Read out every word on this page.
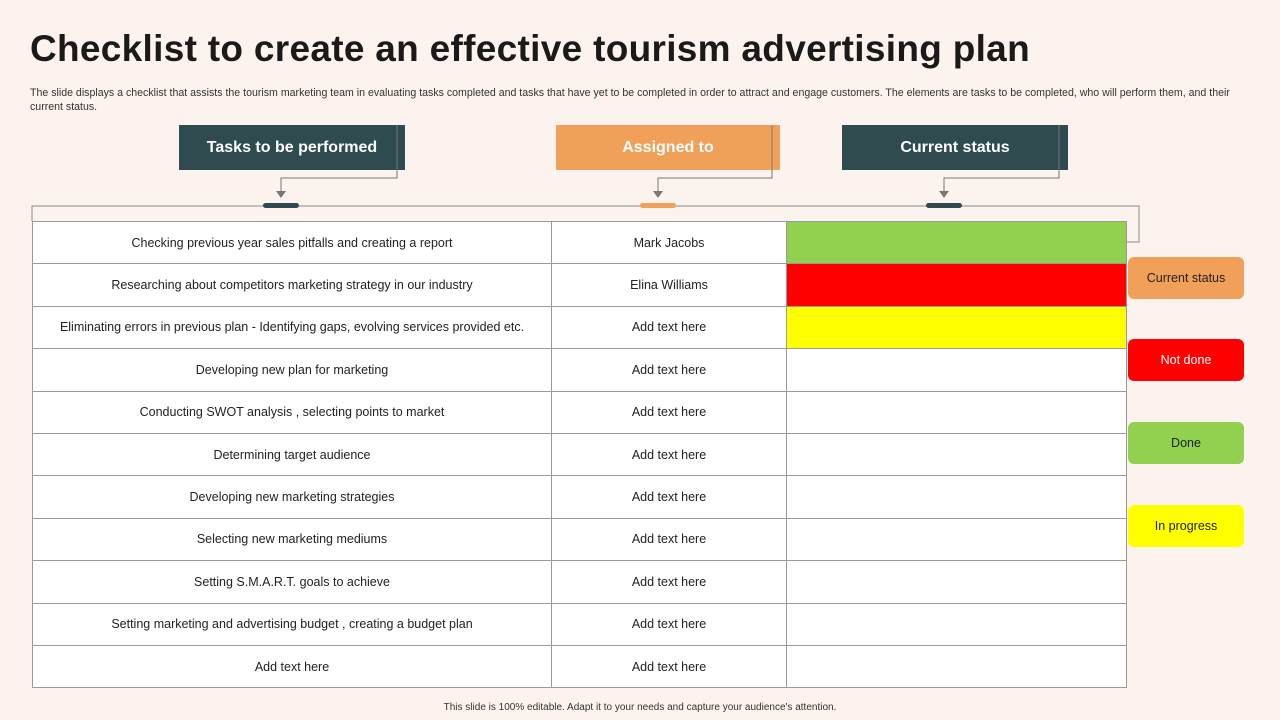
Checklist to create an effective tourism advertising plan

The slide displays a checklist that assists the tourism marketing team in evaluating tasks completed and tasks that have yet to be completed in order to attract and engage customers. The elements are tasks to be completed, who will perform them, and their current status.

Tasks to be performed	Assigned to	Current status
Checking previous year sales pitfalls and creating a report	Mark Jacobs	
Researching about competitors marketing strategy in our industry	Elina Williams	
Eliminating errors in previous plan - Identifying gaps, evolving services provided etc.	Add text here	
Developing new plan for marketing	Add text here	
Conducting SWOT analysis , selecting points to market	Add text here	
Determining target audience	Add text here	
Developing new marketing strategies	Add text here	
Selecting new marketing mediums	Add text here	
Setting S.M.A.R.T. goals to achieve	Add text here	
Setting marketing and advertising budget , creating a budget plan	Add text here	
Add text here	Add text here	
Current status
Not done
Done
In progress
This slide is 100% editable. Adapt it to your needs and capture your audience's attention.
